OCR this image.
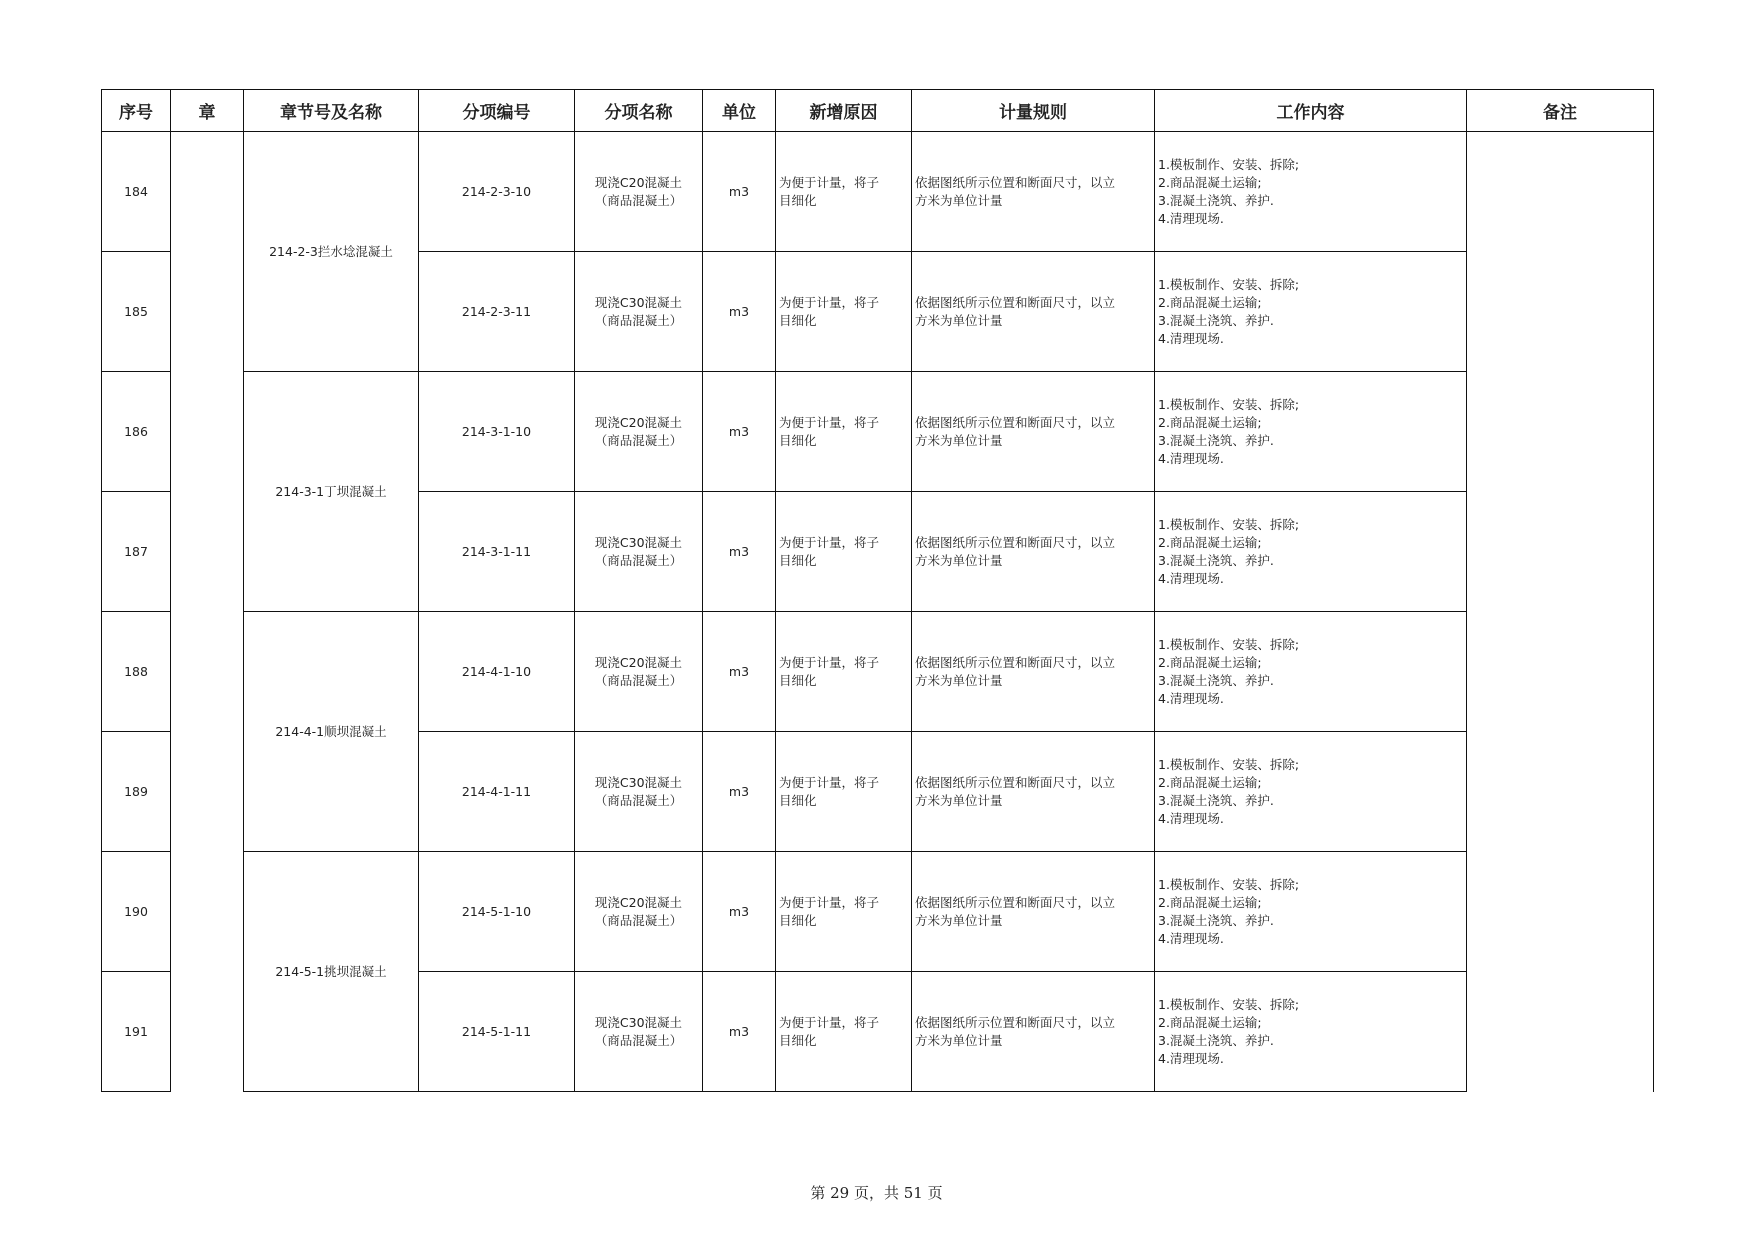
序号	章	章节号及名称	分项编号	分项名称	单位	新增原因	计量规则	工作内容	备注
184		214-2-3拦水埝混凝土	214-2-3-10	现浇C20混凝土
（商品混凝土）	m3	为便于计量，将子
目细化	依据图纸所示位置和断面尺寸，以立
方米为单位计量	1.模板制作、安装、拆除;
2.商品混凝土运输;
3.混凝土浇筑、养护.
4.清理现场.	

185			214-2-3-11	现浇C30混凝土
（商品混凝土）	m3	为便于计量，将子
目细化	依据图纸所示位置和断面尺寸，以立
方米为单位计量	1.模板制作、安装、拆除;
2.商品混凝土运输;
3.混凝土浇筑、养护.
4.清理现场.	

186		214-3-1丁坝混凝土	214-3-1-10	现浇C20混凝土
（商品混凝土）	m3	为便于计量，将子
目细化	依据图纸所示位置和断面尺寸，以立
方米为单位计量	1.模板制作、安装、拆除;
2.商品混凝土运输;
3.混凝土浇筑、养护.
4.清理现场.	

187			214-3-1-11	现浇C30混凝土
（商品混凝土）	m3	为便于计量，将子
目细化	依据图纸所示位置和断面尺寸，以立
方米为单位计量	1.模板制作、安装、拆除;
2.商品混凝土运输;
3.混凝土浇筑、养护.
4.清理现场.	

188		214-4-1顺坝混凝土	214-4-1-10	现浇C20混凝土
（商品混凝土）	m3	为便于计量，将子
目细化	依据图纸所示位置和断面尺寸，以立
方米为单位计量	1.模板制作、安装、拆除;
2.商品混凝土运输;
3.混凝土浇筑、养护.
4.清理现场.	

189			214-4-1-11	现浇C30混凝土
（商品混凝土）	m3	为便于计量，将子
目细化	依据图纸所示位置和断面尺寸，以立
方米为单位计量	1.模板制作、安装、拆除;
2.商品混凝土运输;
3.混凝土浇筑、养护.
4.清理现场.	

190		214-5-1挑坝混凝土	214-5-1-10	现浇C20混凝土
（商品混凝土）	m3	为便于计量，将子
目细化	依据图纸所示位置和断面尺寸，以立
方米为单位计量	1.模板制作、安装、拆除;
2.商品混凝土运输;
3.混凝土浇筑、养护.
4.清理现场.	

191			214-5-1-11	现浇C30混凝土
（商品混凝土）	m3	为便于计量，将子
目细化	依据图纸所示位置和断面尺寸，以立
方米为单位计量	1.模板制作、安装、拆除;
2.商品混凝土运输;
3.混凝土浇筑、养护.
4.清理现场.	
第 29 页，共 51 页
